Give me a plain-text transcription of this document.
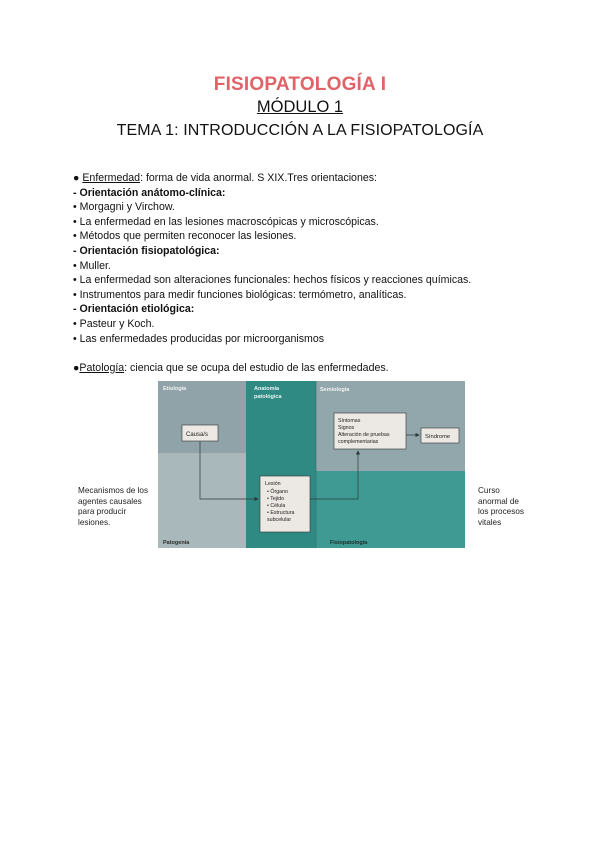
FISIOPATOLOGÍA I
MÓDULO 1
TEMA 1: INTRODUCCIÓN A LA FISIOPATOLOGÍA
● Enfermedad: forma de vida anormal. S XIX.Tres orientaciones:
- Orientación anátomo-clínica:
• Morgagni y Virchow.
• La enfermedad en las lesiones macroscópicas y microscópicas.
• Métodos que permiten reconocer las lesiones.
- Orientación fisiopatológica:
• Muller.
• La enfermedad son alteraciones funcionales: hechos físicos y reacciones químicas.
• Instrumentos para medir funciones biológicas: termómetro, analíticas.
- Orientación etiológica:
• Pasteur y Koch.
• Las enfermedades producidas por microorganismos
●Patología: ciencia que se ocupa del estudio de las enfermedades.
Mecanismos de los
agentes causales
para producir
lesiones.
Curso
anormal de
los procesos
vitales
Etiología	Anatomía
patológica
Semiología
Patogenia	Fisiopatología
Causa/s
Lesión
• Órgano
• Tejido
• Célula
• Estructura
subcelular
Síntomas
Signos
Alteración de pruebas
complementarias
Síndrome
